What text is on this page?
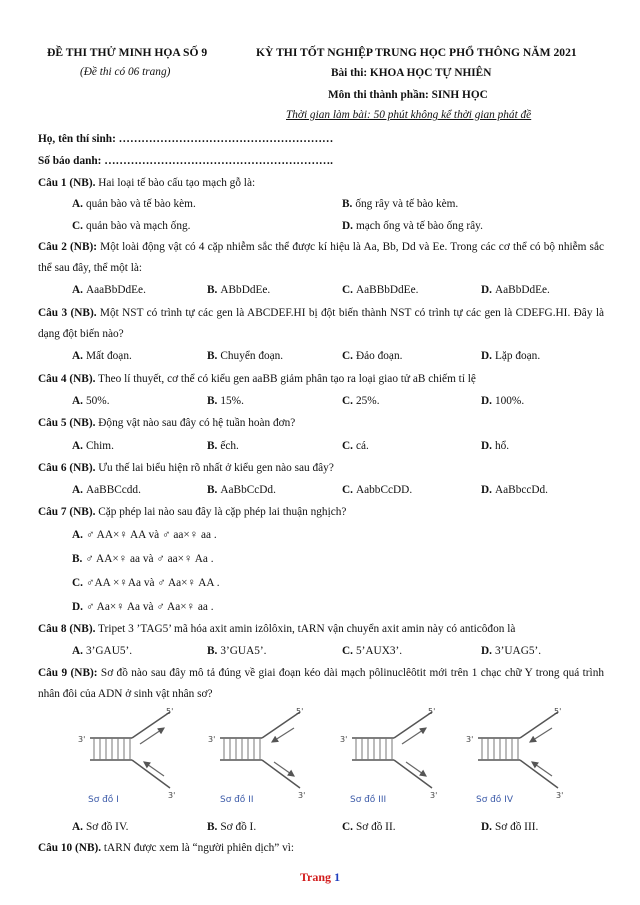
ĐỀ THI THỬ MINH HỌA SỐ 9
(Đề thi có 06 trang)
KỲ THI TỐT NGHIỆP TRUNG HỌC PHỔ THÔNG NĂM 2021
Bài thi: KHOA HỌC TỰ NHIÊN
Môn thi thành phần: SINH HỌC
Thời gian làm bài: 50 phút không kể thời gian phát đề
Họ, tên thí sinh: …………………………………………………
Số báo danh: …………………………………………………….
Câu 1 (NB). Hai loại tế bào cấu tạo mạch gỗ là:
A. quản bào và tế bào kèm.	B. ống rây và tế bào kèm.
C. quản bào và mạch ống.	D. mạch ống và tế bào ống rây.
Câu 2 (NB): Một loài động vật có 4 cặp nhiễm sắc thể được kí hiệu là Aa, Bb, Dd và Ee. Trong các cơ thể có bộ nhiễm sắc thể sau đây, thể một là:
A. AaaBbDdEe.	B. ABbDdEe.	C. AaBBbDdEe.	D. AaBbDdEe.
Câu 3 (NB). Một NST có trình tự các gen là ABCDEF.HI bị đột biến thành NST có trình tự các gen là CDEFG.HI. Đây là dạng đột biến nào?
A. Mất đoạn.	B. Chuyển đoạn.	C. Đảo đoạn.	D. Lặp đoạn.
Câu 4 (NB). Theo lí thuyết, cơ thể có kiểu gen aaBB giảm phân tạo ra loại giao tử aB chiếm tỉ lệ
A. 50%.	B. 15%.	C. 25%.	D. 100%.
Câu 5 (NB). Động vật nào sau đây có hệ tuần hoàn đơn?
A. Chim.	B. ếch.	C. cá.	D. hổ.
Câu 6 (NB). Ưu thế lai biểu hiện rõ nhất ở kiểu gen nào sau đây?
A. AaBBCcdd.	B. AaBbCcDd.	C. AabbCcDD.	D. AaBbccDd.
Câu 7 (NB). Cặp phép lai nào sau đây là cặp phép lai thuận nghịch?
A. ♂ AA×♀ AA và ♂ aa×♀ aa .
B. ♂ AA×♀ aa và ♂ aa×♀ Aa .
C. ♂AA ×♀Aa và ♂ Aa×♀ AA .
D. ♂ Aa×♀ Aa và ♂ Aa×♀ aa .
Câu 8 (NB). Tripet 3 ’TAG5’ mã hóa axit amin izôlôxin, tARN vận chuyển axit amin này có anticôđon là
A. 3’GAU5’.	B. 3’GUA5’.	C. 5’AUX3’.	D. 3’UAG5’.
Câu 9 (NB): Sơ đồ nào sau đây mô tả đúng về giai đoạn kéo dài mạch pôlinuclêôtit mới trên 1 chạc chữ Y trong quá trình nhân đôi của ADN ở sinh vật nhân sơ?
5'
3'
3'
Sơ đồ I
5'
3'
3'
Sơ đồ II
5'
3'
3'
Sơ đồ III
5'
3'
3'
Sơ đồ IV
A. Sơ đồ IV.	B. Sơ đồ I.	C. Sơ đồ II.	D. Sơ đồ III.
Câu 10 (NB). tARN được xem là “người phiên dịch” vì:
Trang 1
